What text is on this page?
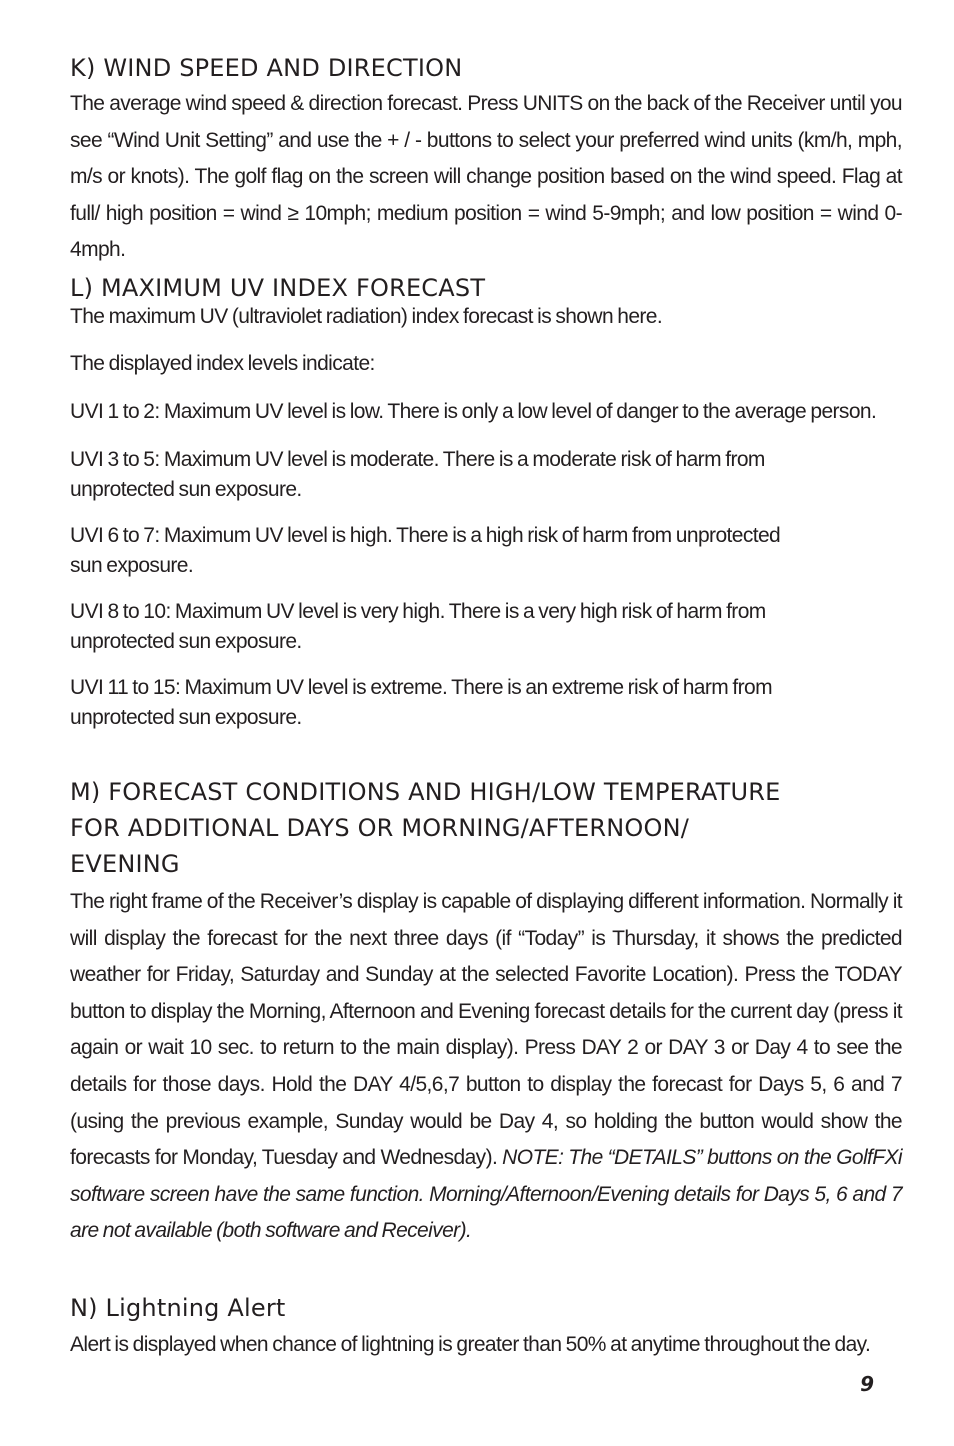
K) WIND SPEED AND DIRECTION

The average wind speed & direction forecast. Press UNITS on the back of the Receiver until you see “Wind Unit Setting” and use the + / - buttons to select your preferred wind units (km/h, mph, m/s or knots). The golf flag on the screen will change position based on the wind speed. Flag at full/ high position = wind ≥ 10mph; medium position = wind 5-9mph; and low position = wind 0-4mph.

L) MAXIMUM UV INDEX FORECAST

The maximum UV (ultraviolet radiation) index forecast is shown here.

The displayed index levels indicate:

UVI 1 to 2: Maximum UV level is low. There is only a low level of danger to the average person.

UVI 3 to 5: Maximum UV level is moderate. There is a moderate risk of harm from
unprotected sun exposure.
UVI 6 to 7: Maximum UV level is high. There is a high risk of harm from unprotected
sun exposure.
UVI 8 to 10: Maximum UV level is very high. There is a very high risk of harm from
unprotected sun exposure.
UVI 11 to 15: Maximum UV level is extreme. There is an extreme risk of harm from
unprotected sun exposure.
M) FORECAST CONDITIONS AND HIGH/LOW TEMPERATURE
FOR ADDITIONAL DAYS OR MORNING/AFTERNOON/
EVENING

The right frame of the Receiver’s display is capable of displaying different information. Normally it will display the forecast for the next three days (if “Today” is Thursday, it shows the predicted weather for Friday, Saturday and Sunday at the selected Favorite Location). Press the TODAY button to display the Morning, Afternoon and Evening forecast details for the current day (press it again or wait 10 sec. to return to the main display). Press DAY 2 or DAY 3 or Day 4 to see the details for those days. Hold the DAY 4/5,6,7 button to display the forecast for Days 5, 6 and 7 (using the previous example, Sunday would be Day 4, so holding the button would show the forecasts for Monday, Tuesday and Wednesday). NOTE: The “DETAILS” buttons on the GolfFXi software screen have the same function. Morning/Afternoon/Evening details for Days 5, 6 and 7 are not available (both software and Receiver).

N) Lightning Alert

Alert is displayed when chance of lightning is greater than 50% at anytime throughout the day.

9
